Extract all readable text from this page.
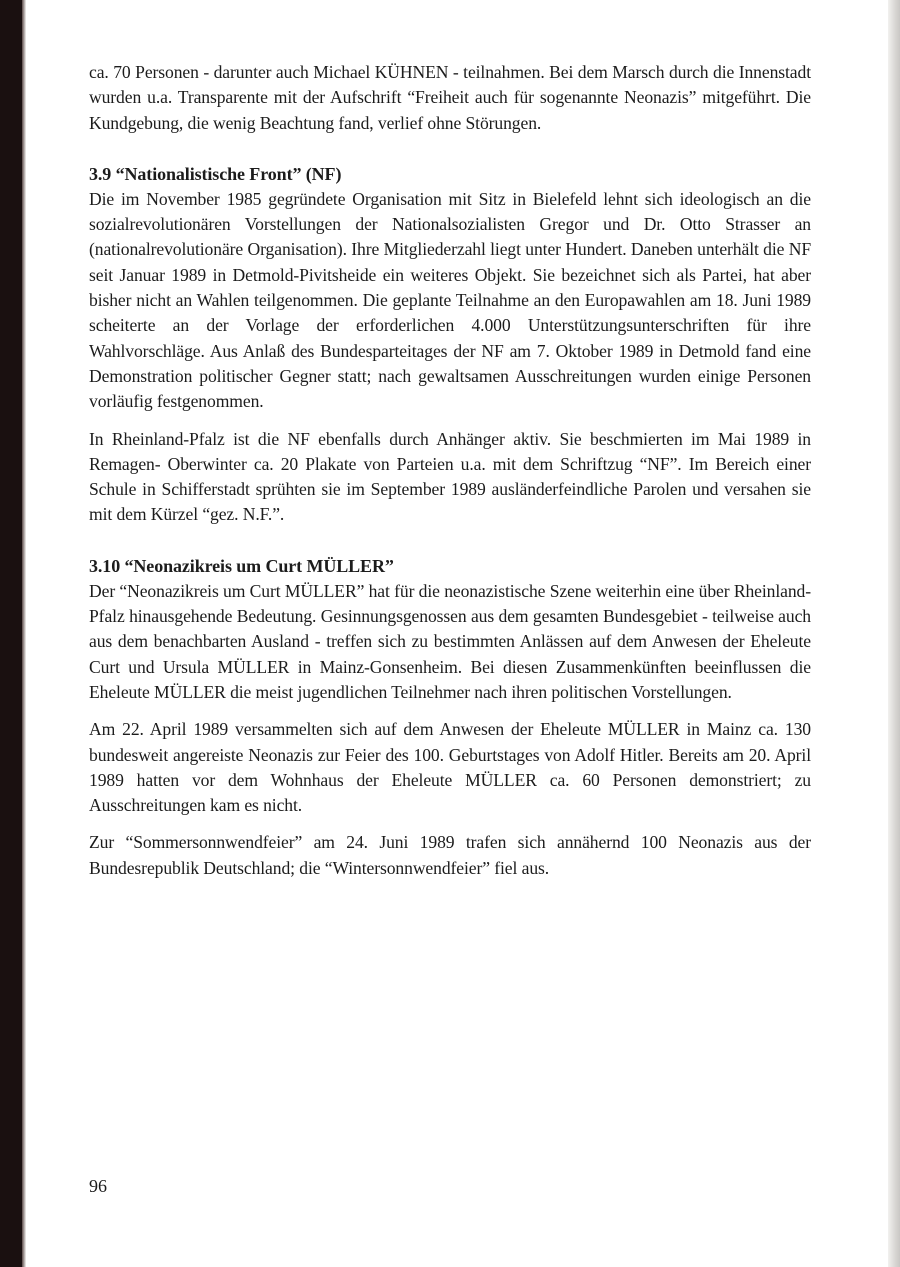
ca. 70 Personen - darunter auch Michael KÜHNEN - teilnahmen. Bei dem Marsch durch die Innenstadt wurden u.a. Transparente mit der Aufschrift “Freiheit auch für sogenannte Neonazis” mitgeführt. Die Kundgebung, die wenig Beachtung fand, verlief ohne Störungen.

3.9 “Nationalistische Front” (NF)

Die im November 1985 gegründete Organisation mit Sitz in Bielefeld lehnt sich ideologisch an die sozialrevolutionären Vorstellungen der Nationalsozialisten Gregor und Dr. Otto Strasser an (nationalrevolutionäre Organisation). Ihre Mitgliederzahl liegt unter Hundert. Daneben unterhält die NF seit Januar 1989 in Detmold-Pivitsheide ein weiteres Objekt. Sie bezeichnet sich als Partei, hat aber bisher nicht an Wahlen teilgenommen. Die geplante Teilnahme an den Europawahlen am 18. Juni 1989 scheiterte an der Vorlage der erforderlichen 4.000 Unterstützungsunterschriften für ihre Wahlvorschläge. Aus Anlaß des Bundesparteitages der NF am 7. Oktober 1989 in Detmold fand eine Demonstration politischer Gegner statt; nach gewaltsamen Ausschreitungen wurden einige Personen vorläufig festgenommen.

In Rheinland-Pfalz ist die NF ebenfalls durch Anhänger aktiv. Sie beschmierten im Mai 1989 in Remagen- Oberwinter ca. 20 Plakate von Parteien u.a. mit dem Schriftzug “NF”. Im Bereich einer Schule in Schifferstadt sprühten sie im September 1989 ausländerfeindliche Parolen und versahen sie mit dem Kürzel “gez. N.F.”.

3.10 “Neonazikreis um Curt MÜLLER”

Der “Neonazikreis um Curt MÜLLER” hat für die neonazistische Szene weiterhin eine über Rheinland-Pfalz hinausgehende Bedeutung. Gesinnungsgenossen aus dem gesamten Bundesgebiet - teilweise auch aus dem benachbarten Ausland - treffen sich zu bestimmten Anlässen auf dem Anwesen der Eheleute Curt und Ursula MÜLLER in Mainz-Gonsenheim. Bei diesen Zusammenkünften beeinflussen die Eheleute MÜLLER die meist jugendlichen Teilnehmer nach ihren politischen Vorstellungen.

Am 22. April 1989 versammelten sich auf dem Anwesen der Eheleute MÜLLER in Mainz ca. 130 bundesweit angereiste Neonazis zur Feier des 100. Geburtstages von Adolf Hitler. Bereits am 20. April 1989 hatten vor dem Wohnhaus der Eheleute MÜLLER ca. 60 Personen demonstriert; zu Ausschreitungen kam es nicht.

Zur “Sommersonnwendfeier” am 24. Juni 1989 trafen sich annähernd 100 Neonazis aus der Bundesrepublik Deutschland; die “Wintersonnwendfeier” fiel aus.

96
